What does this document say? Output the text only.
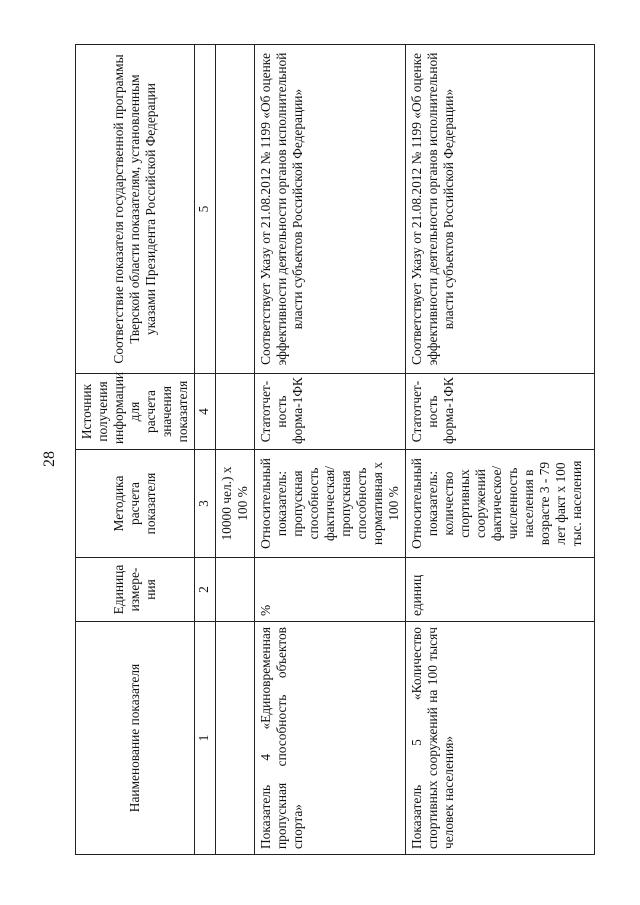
28
Наименование показателя	Единица измере-ния	Методика расчета показателя	Источник получения информации для расчета значения показателя	Соответствие показателя государственной программы Тверской области показателям, установленным указами Президента Российской Федерации
1	2	3	4	5
		10000 чел.) х 100 %		
Показатель 4 «Единовременная пропускная способность объектов спорта»	%	Относительный показатель: пропускная способность фактическая/ пропускная способность нормативная х 100 %	Статотчет-ность форма-1ФК	Соответствует Указу от 21.08.2012 № 1199 «Об оценке эффективности деятельности органов исполнительной власти субъектов Российской Федерации»
Показатель 5 «Количество спортивных сооружений на 100 тысяч человек населения»	единиц	Относительный показатель: количество спортивных сооружений фактическое/ численность населения в возрасте 3 - 79 лет факт х 100 тыс. населения	Статотчет-ность форма-1ФК	Соответствует Указу от 21.08.2012 № 1199 «Об оценке эффективности деятельности органов исполнительной власти субъектов Российской Федерации»
